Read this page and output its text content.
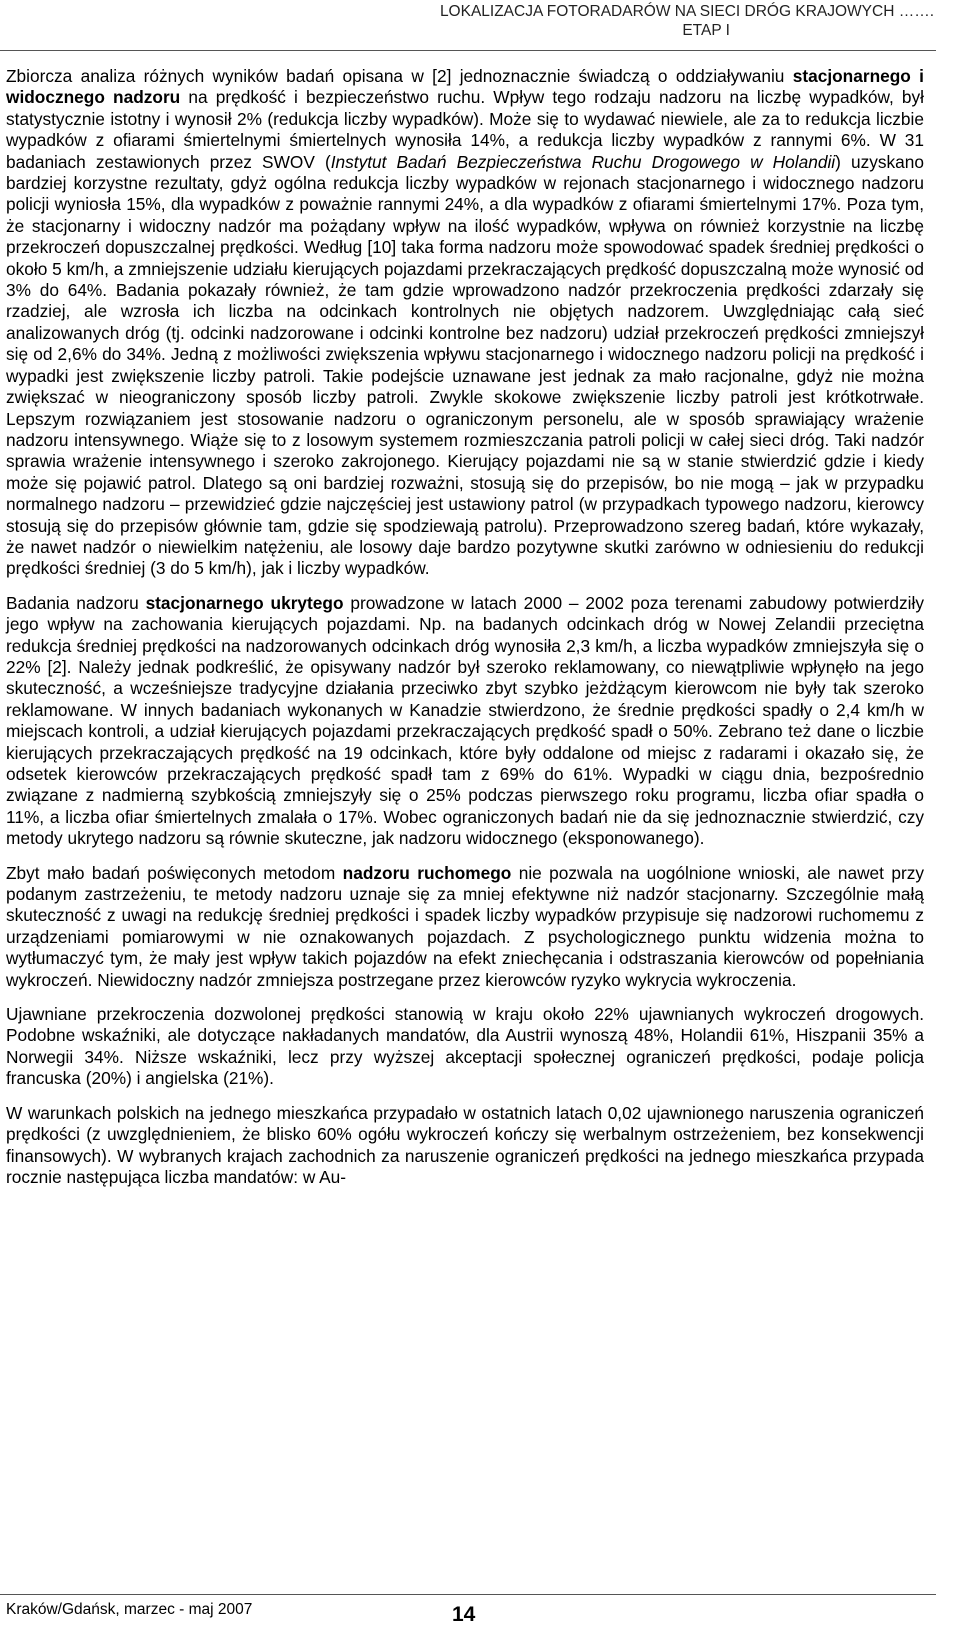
LOKALIZACJA FOTORADARÓW NA SIECI DRÓG KRAJOWYCH …….

ETAP I

Zbiorcza analiza różnych wyników badań opisana w [2] jednoznacznie świadczą o oddziaływaniu stacjonarnego i widocznego nadzoru na prędkość i bezpieczeństwo ruchu. Wpływ tego rodzaju nadzoru na liczbę wypadków, był statystycznie istotny i wynosił 2% (redukcja liczby wypadków). Może się to wydawać niewiele, ale za to redukcja liczbie wypadków z ofiarami śmiertelnymi śmiertelnych wynosiła 14%, a redukcja liczby wypadków z rannymi 6%. W 31 badaniach zestawionych przez SWOV (Instytut Badań Bezpieczeństwa Ruchu Drogowego w Holandii) uzyskano bardziej korzystne rezultaty, gdyż ogólna redukcja liczby wypadków w rejonach stacjonarnego i widocznego nadzoru policji wyniosła 15%, dla wypadków z poważnie rannymi 24%, a dla wypadków z ofiarami śmiertelnymi 17%. Poza tym, że stacjonarny i widoczny nadzór ma pożądany wpływ na ilość wypadków, wpływa on również korzystnie na liczbę przekroczeń dopuszczalnej prędkości. Według [10] taka forma nadzoru może spowodować spadek średniej prędkości o około 5 km/h, a zmniejszenie udziału kierujących pojazdami przekraczających prędkość dopuszczalną może wynosić od 3% do 64%. Badania pokazały również, że tam gdzie wprowadzono nadzór przekroczenia prędkości zdarzały się rzadziej, ale wzrosła ich liczba na odcinkach kontrolnych nie objętych nadzorem. Uwzględniając całą sieć analizowanych dróg (tj. odcinki nadzorowane i odcinki kontrolne bez nadzoru) udział przekroczeń prędkości zmniejszył się od 2,6% do 34%. Jedną z możliwości zwiększenia wpływu stacjonarnego i widocznego nadzoru policji na prędkość i wypadki jest zwiększenie liczby patroli. Takie podejście uznawane jest jednak za mało racjonalne, gdyż nie można zwiększać w nieograniczony sposób liczby patroli. Zwykle skokowe zwiększenie liczby patroli jest krótkotrwałe. Lepszym rozwiązaniem jest stosowanie nadzoru o ograniczonym personelu, ale w sposób sprawiający wrażenie nadzoru intensywnego. Wiąże się to z losowym systemem rozmieszczania patroli policji w całej sieci dróg. Taki nadzór sprawia wrażenie intensywnego i szeroko zakrojonego. Kierujący pojazdami nie są w stanie stwierdzić gdzie i kiedy może się pojawić patrol. Dlatego są oni bardziej rozważni, stosują się do przepisów, bo nie mogą – jak w przypadku normalnego nadzoru – przewidzieć gdzie najczęściej jest ustawiony patrol (w przypadkach typowego nadzoru, kierowcy stosują się do przepisów głównie tam, gdzie się spodziewają patrolu). Przeprowadzono szereg badań, które wykazały, że nawet nadzór o niewielkim natężeniu, ale losowy daje bardzo pozytywne skutki zarówno w odniesieniu do redukcji prędkości średniej (3 do 5 km/h), jak i liczby wypadków.

Badania nadzoru stacjonarnego ukrytego prowadzone w latach 2000 – 2002 poza terenami zabudowy potwierdziły jego wpływ na zachowania kierujących pojazdami. Np. na badanych odcinkach dróg w Nowej Zelandii przeciętna redukcja średniej prędkości na nadzorowanych odcinkach dróg wynosiła 2,3 km/h, a liczba wypadków zmniejszyła się o 22% [2]. Należy jednak podkreślić, że opisywany nadzór był szeroko reklamowany, co niewątpliwie wpłynęło na jego skuteczność, a wcześniejsze tradycyjne działania przeciwko zbyt szybko jeżdżącym kierowcom nie były tak szeroko reklamowane. W innych badaniach wykonanych w Kanadzie stwierdzono, że średnie prędkości spadły o 2,4 km/h w miejscach kontroli, a udział kierujących pojazdami przekraczających prędkość spadł o 50%. Zebrano też dane o liczbie kierujących przekraczających prędkość na 19 odcinkach, które były oddalone od miejsc z radarami i okazało się, że odsetek kierowców przekraczających prędkość spadł tam z 69% do 61%. Wypadki w ciągu dnia, bezpośrednio związane z nadmierną szybkością zmniejszyły się o 25% podczas pierwszego roku programu, liczba ofiar spadła o 11%, a liczba ofiar śmiertelnych zmalała o 17%. Wobec ograniczonych badań nie da się jednoznacznie stwierdzić, czy metody ukrytego nadzoru są równie skuteczne, jak nadzoru widocznego (eksponowanego).

Zbyt mało badań poświęconych metodom nadzoru ruchomego nie pozwala na uogólnione wnioski, ale nawet przy podanym zastrzeżeniu, te metody nadzoru uznaje się za mniej efektywne niż nadzór stacjonarny. Szczególnie małą skuteczność z uwagi na redukcję średniej prędkości i spadek liczby wypadków przypisuje się nadzorowi ruchomemu z urządzeniami pomiarowymi w nie oznakowanych pojazdach. Z psychologicznego punktu widzenia można to wytłumaczyć tym, że mały jest wpływ takich pojazdów na efekt zniechęcania i odstraszania kierowców od popełniania wykroczeń. Niewidoczny nadzór zmniejsza postrzegane przez kierowców ryzyko wykrycia wykroczenia.

Ujawniane przekroczenia dozwolonej prędkości stanowią w kraju około 22% ujawnianych wykroczeń drogowych. Podobne wskaźniki, ale dotyczące nakładanych mandatów, dla Austrii wynoszą 48%, Holandii 61%, Hiszpanii 35% a Norwegii 34%. Niższe wskaźniki, lecz przy wyższej akceptacji społecznej ograniczeń prędkości, podaje policja francuska (20%) i angielska (21%).

W warunkach polskich na jednego mieszkańca przypadało w ostatnich latach 0,02 ujawnionego naruszenia ograniczeń prędkości (z uwzględnieniem, że blisko 60% ogółu wykroczeń kończy się werbalnym ostrzeżeniem, bez konsekwencji finansowych). W wybranych krajach zachodnich za naruszenie ograniczeń prędkości na jednego mieszkańca przypada rocznie następująca liczba mandatów: w Au-

Kraków/Gdańsk, marzec - maj 2007	14
